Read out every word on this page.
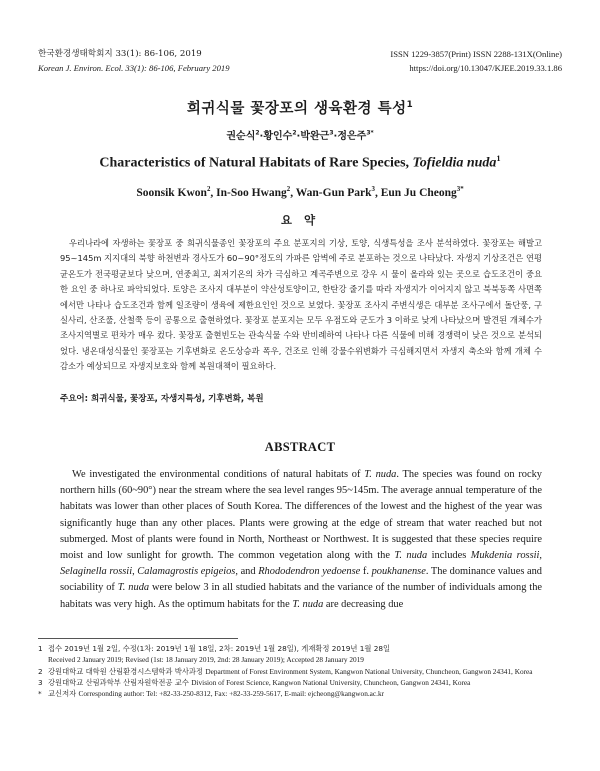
한국환경생태학회지 33(1): 86-106, 2019
Korean J. Environ. Ecol. 33(1): 86-106, February 2019
ISSN 1229-3857(Print) ISSN 2288-131X(Online)
https://doi.org/10.13047/KJEE.2019.33.1.86
희귀식물 꽃장포의 생육환경 특성$^1$
권순식$^2$·황인수$^2$·박완근$^3$·정은주$^{3*}$
Characteristics of Natural Habitats of Rare Species, Tofieldia nuda$^1$
Soonsik Kwon$^2$, In-Soo Hwang$^2$, Wan-Gun Park$^3$, Eun Ju Cheong$^{3*}$
요 약

우리나라에 자생하는 꽃장포 중 희귀식물종인 꽃장포의 주요 분포지의 기상, 토양, 식생특성을 조사 분석하였다. 꽃장포는 해발고 95~145m 지지대의 북향 하천변과 경사도가 60~90°정도의 가파른 암벽에 주로 분포하는 것으로 나타났다. 자생지 기상조건은 연평균온도가 전국평균보다 낮으며, 연중최고, 최저기온의 차가 극심하고 계곡주변으로 강우 시 물이 올라와 있는 곳으로 습도조건이 중요한 요인 중 하나로 파악되었다. 토양은 조사지 대부분이 약산성토양이고, 한탄강 줄기를 따라 자생지가 이어지지 않고 북북동쪽 사면쪽에서만 나타나 습도조건과 함께 일조량이 생육에 제한요인인 것으로 보였다. 꽃장포 조사지 주변식생은 대부분 조사구에서 돌단풍, 구실사리, 산조풀, 산철쭉 등이 공통으로 출현하였다. 꽃장포 분포지는 모두 우점도와 군도가 3 이하로 낮게 나타났으며 발견된 개체수가 조사지역별로 편차가 매우 컸다. 꽃장포 출현빈도는 관속식물 수와 반비례하여 나타나 다른 식물에 비해 경쟁력이 낮은 것으로 분석되었다. 냉온대성식물인 꽃장포는 기후변화로 온도상승과 폭우, 건조로 인해 강물수위변화가 극심해지면서 자생지 축소와 함께 개체 수 감소가 예상되므로 자생지보호와 함께 복원대책이 필요하다.

주요어: 희귀식물, 꽃장포, 자생지특성, 기후변화, 복원
ABSTRACT

We investigated the environmental conditions of natural habitats of T. nuda. The species was found on rocky northern hills (60~90°) near the stream where the sea level ranges 95~145m. The average annual temperature of the habitats was lower than other places of South Korea. The differences of the lowest and the highest of the year was significantly huge than any other places. Plants were growing at the edge of stream that water reached but not submerged. Most of plants were found in North, Northeast or Northwest. It is suggested that these species require moist and low sunlight for growth. The common vegetation along with the T. nuda includes Mukdenia rossii, Selaginella rossii, Calamagrostis epigeios, and Rhododendron yedoense f. poukhanense. The dominance values and sociability of T. nuda were below 3 in all studied habitats and the variance of the number of individuals among the habitats was very high. As the optimum habitats for the T. nuda are decreasing due

1 접수 2019년 1월 2일, 수정(1차: 2019년 1월 18일, 2차: 2019년 1월 28일), 게재확정 2019년 1월 28일
Received 2 January 2019; Revised (1st: 18 January 2019, 2nd: 28 January 2019); Accepted 28 January 2019
2 강원대학교 대학원 산림환경시스템학과 박사과정 Department of Forest Environment System, Kangwon National University, Chuncheon, Gangwon 24341, Korea
3 강원대학교 산림과학부 산림자원학전공 교수 Division of Forest Science, Kangwon National University, Chuncheon, Gangwon 24341, Korea
* 교신저자 Corresponding author: Tel: +82-33-250-8312, Fax: +82-33-259-5617, E-mail: ejcheong@kangwon.ac.kr
